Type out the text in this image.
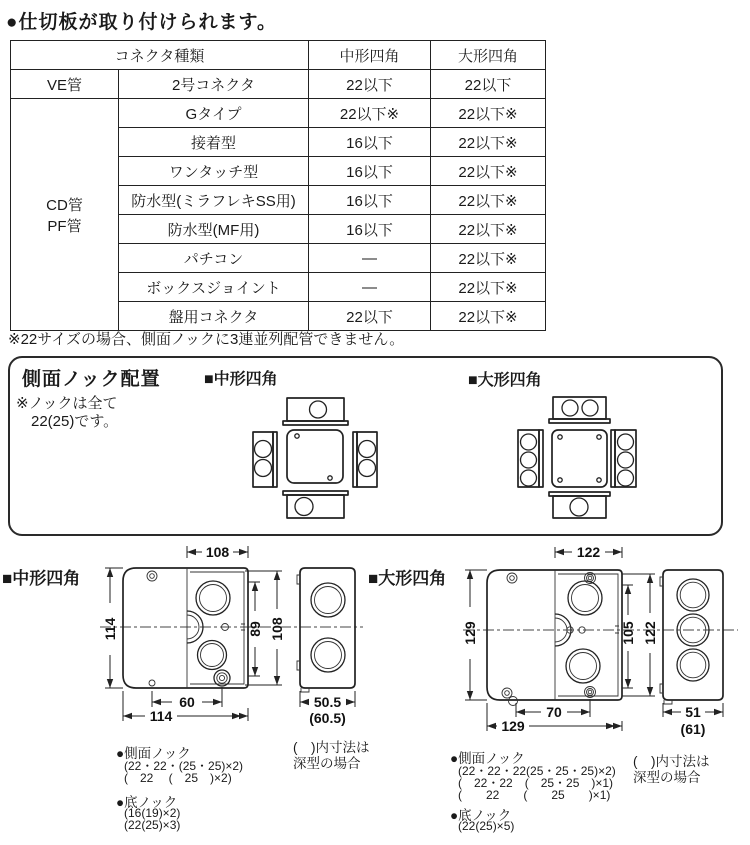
●仕切板が取り付けられます。
コネクタ種類		中形四角	大形四角
VE管	2号コネクタ	22以下	22以下

CD管
PF管	Gタイプ	22以下※	22以下※
	接着型	16以下	22以下※
	ワンタッチ型	16以下	22以下※
	防水型(ミラフレキSS用)	16以下	22以下※
	防水型(MF用)	16以下	22以下※
	パチコン	—	22以下※
	ボックスジョイント	—	22以下※
	盤用コネクタ	22以下	22以下※
※22サイズの場合、側面ノックに3連並列配管できません。
側面ノック配置
※ノックは全て
22(25)です。
■中形四角	■大形四角
■中形四角	■大形四角
108
114	89 108
60
114
50.5
(60.5)
122
129	105 122
70
129
51
(61)
●側面ノック
(22・22・(25・25)×2)
(　22　 (　25　)×2)
●底ノック
(16(19)×2)
(22(25)×3)
(　)内寸法は
深型の場合	●側面ノック
(22・22・22(25・25・25)×2)
(　22・22　(　25・25　)×1)
(　　22　　(　　25　　)×1)
●底ノック
(22(25)×5)
(　)内寸法は
深型の場合
